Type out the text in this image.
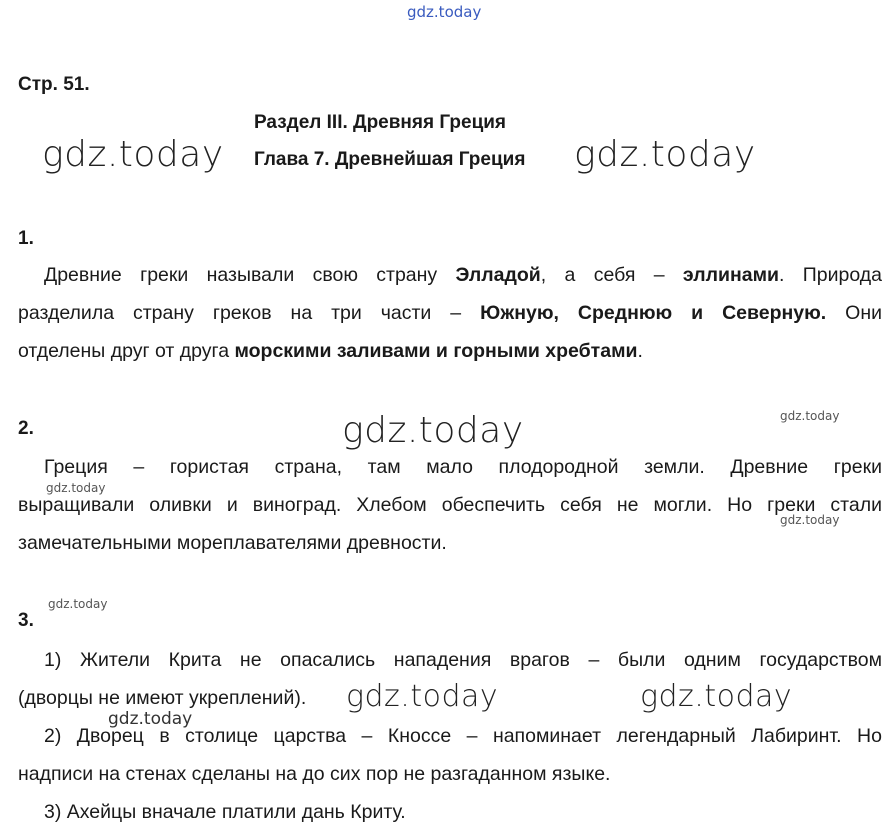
gdz.today
Стр. 51.
Раздел III. Древняя Греция
Глава 7. Древнейшая Греция
gdz.today	gdz.today
1.
Древние греки называли свою страну Элладой, а себя – эллинами. Природа
разделила страну греков на три части – Южную, Среднюю и Северную. Они
отделены друг от друга морскими заливами и горными хребтами.
2.	gdz.today	gdz.today
Греция – гористая страна, там мало плодородной земли. Древние греки
выращивали оливки и виноград. Хлебом обеспечить себя не могли. Но греки стали
замечательными мореплавателями древности.
gdz.today
gdz.today
gdz.today
3.
1) Жители Крита не опасались нападения врагов – были одним государством
(дворцы не имеют укреплений).
2) Дворец в столице царства – Кноссе – напоминает легендарный Лабиринт. Но
надписи на стенах сделаны на до сих пор не разгаданном языке.
3) Ахейцы вначале платили дань Криту.
gdz.today	gdz.today
gdz.today
